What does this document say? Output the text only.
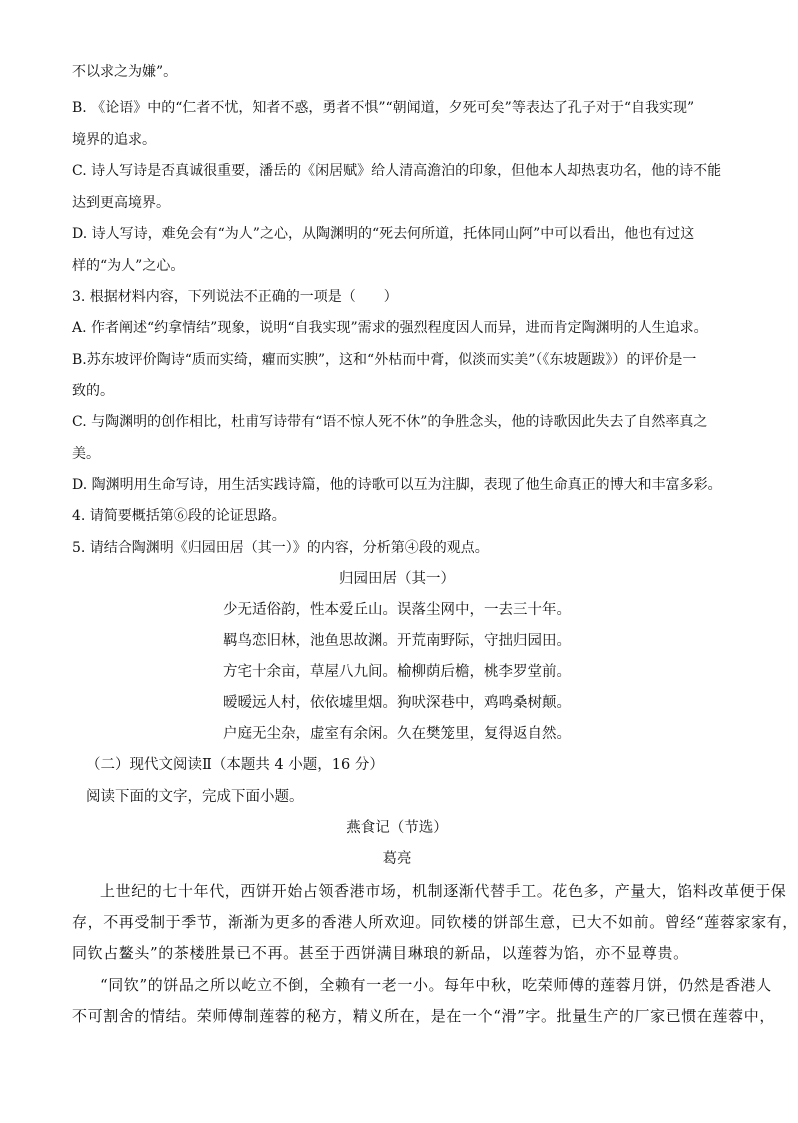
不以求之为嫌”。
B. 《论语》中的“仁者不忧，知者不惑，勇者不惧”“朝闻道，夕死可矣”等表达了孔子对于“自我实现”
境界的追求。
C. 诗人写诗是否真诚很重要，潘岳的《闲居赋》给人清高澹泊的印象，但他本人却热衷功名，他的诗不能
达到更高境界。
D. 诗人写诗，难免会有“为人”之心，从陶渊明的“死去何所道，托体同山阿”中可以看出，他也有过这
样的“为人”之心。
3. 根据材料内容，下列说法不正确的一项是（　　）
A. 作者阐述“约拿情结”现象，说明“自我实现”需求的强烈程度因人而异，进而肯定陶渊明的人生追求。
B.苏东坡评价陶诗“质而实绮，癯而实腴”，这和“外枯而中膏，似淡而实美”（《东坡题跋》）的评价是一
致的。
C. 与陶渊明的创作相比，杜甫写诗带有“语不惊人死不休”的争胜念头，他的诗歌因此失去了自然率真之
美。
D. 陶渊明用生命写诗，用生活实践诗篇，他的诗歌可以互为注脚，表现了他生命真正的博大和丰富多彩。
4. 请简要概括第⑥段的论证思路。
5. 请结合陶渊明《归园田居（其一）》的内容，分析第④段的观点。
归园田居（其一）
少无适俗韵，性本爱丘山。误落尘网中，一去三十年。
羁鸟恋旧林，池鱼思故渊。开荒南野际，守拙归园田。
方宅十余亩，草屋八九间。榆柳荫后檐，桃李罗堂前。
暧暧远人村，依依墟里烟。狗吠深巷中，鸡鸣桑树颠。
户庭无尘杂，虚室有余闲。久在樊笼里，复得返自然。
（二）现代文阅读Ⅱ（本题共 4 小题，16 分）
阅读下面的文字，完成下面小题。
燕食记（节选）
葛亮
上世纪的七十年代，西饼开始占领香港市场，机制逐渐代替手工。花色多，产量大，馅料改革便于保
存，不再受制于季节，渐渐为更多的香港人所欢迎。同钦楼的饼部生意，已大不如前。曾经“莲蓉家家有，
同钦占鳌头”的茶楼胜景已不再。甚至于西饼满目琳琅的新品，以莲蓉为馅，亦不显尊贵。
“同钦”的饼品之所以屹立不倒，全赖有一老一小。每年中秋，吃荣师傅的莲蓉月饼，仍然是香港人
不可割舍的情结。荣师傅制莲蓉的秘方，精义所在，是在一个“滑”字。批量生产的厂家已惯在莲蓉中，
